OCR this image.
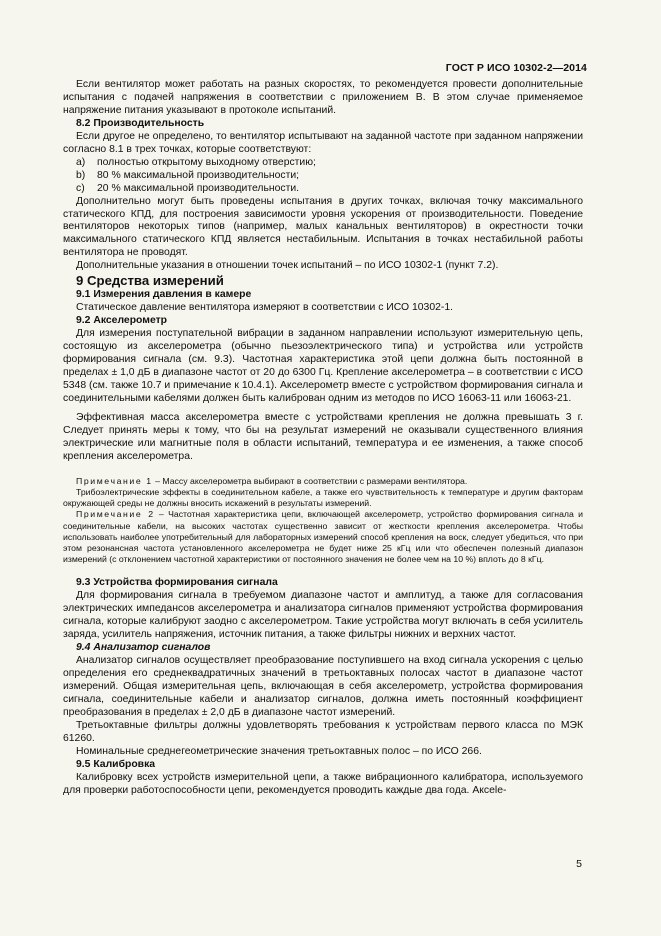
ГОСТ Р ИСО 10302-2—2014

Если вентилятор может работать на разных скоростях, то рекомендуется провести дополнительные испытания с подачей напряжения в соответствии с приложением В. В этом случае применяемое напряжение питания указывают в протоколе испытаний.

8.2 Производительность

Если другое не определено, то вентилятор испытывают на заданной частоте при заданном напряжении согласно 8.1 в трех точках, которые соответствуют:

a)	полностью открытому выходному отверстию;
b)	80 % максимальной производительности;
c)	20 % максимальной производительности.

Дополнительно могут быть проведены испытания в других точках, включая точку максимального статического КПД, для построения зависимости уровня ускорения от производительности. Поведение вентиляторов некоторых типов (например, малых канальных вентиляторов) в окрестности точки максимального статического КПД является нестабильным. Испытания в точках нестабильной работы вентилятора не проводят.

Дополнительные указания в отношении точек испытаний – по ИСО 10302-1 (пункт 7.2).

9 Средства измерений

9.1 Измерения давления в камере

Статическое давление вентилятора измеряют в соответствии с ИСО 10302-1.

9.2 Акселерометр

Для измерения поступательной вибрации в заданном направлении используют измерительную цепь, состоящую из акселерометра (обычно пьезоэлектрического типа) и устройства или устройств формирования сигнала (см. 9.3). Частотная характеристика этой цепи должна быть постоянной в пределах ± 1,0 дБ в диапазоне частот от 20 до 6300 Гц. Крепление акселерометра – в соответствии с ИСО 5348 (см. также 10.7 и примечание к 10.4.1). Акселерометр вместе с устройством формирования сигнала и соединительными кабелями должен быть калиброван одним из методов по ИСО 16063-11 или 16063-21.

Эффективная масса акселерометра вместе с устройствами крепления не должна превышать 3 г. Следует принять меры к тому, что бы на результат измерений не оказывали существенного влияния электрические или магнитные поля в области испытаний, температура и ее изменения, а также способ крепления акселерометра.

Примечание 1 – Массу акселерометра выбирают в соответствии с размерами вентилятора.

Трибоэлектрические эффекты в соединительном кабеле, а также его чувствительность к температуре и другим факторам окружающей среды не должны вносить искажений в результаты измерений.

Примечание 2 – Частотная характеристика цепи, включающей акселерометр, устройство формирования сигнала и соединительные кабели, на высоких частотах существенно зависит от жесткости крепления акселерометра. Чтобы использовать наиболее употребительный для лабораторных измерений способ крепления на воск, следует убедиться, что при этом резонансная частота установленного акселерометра не будет ниже 25 кГц или что обеспечен полезный диапазон измерений (с отклонением частотной характеристики от постоянного значения не более чем на 10 %) вплоть до 8 кГц.

9.3 Устройства формирования сигнала

Для формирования сигнала в требуемом диапазоне частот и амплитуд, а также для согласования электрических импедансов акселерометра и анализатора сигналов применяют устройства формирования сигнала, которые калибруют заодно с акселерометром. Такие устройства могут включать в себя усилитель заряда, усилитель напряжения, источник питания, а также фильтры нижних и верхних частот.

9.4 Анализатор сигналов

Анализатор сигналов осуществляет преобразование поступившего на вход сигнала ускорения с целью определения его среднеквадратичных значений в третьоктавных полосах частот в диапазоне частот измерений. Общая измерительная цепь, включающая в себя акселерометр, устройства формирования сигнала, соединительные кабели и анализатор сигналов, должна иметь постоянный коэффициент преобразования в пределах ± 2,0 дБ в диапазоне частот измерений.

Третьоктавные фильтры должны удовлетворять требования к устройствам первого класса по МЭК 61260.

Номинальные среднегеометрические значения третьоктавных полос – по ИСО 266.

9.5 Калибровка

Калибровку всех устройств измерительной цепи, а также вибрационного калибратора, используемого для проверки работоспособности цепи, рекомендуется проводить каждые два года. Аксele-

5
